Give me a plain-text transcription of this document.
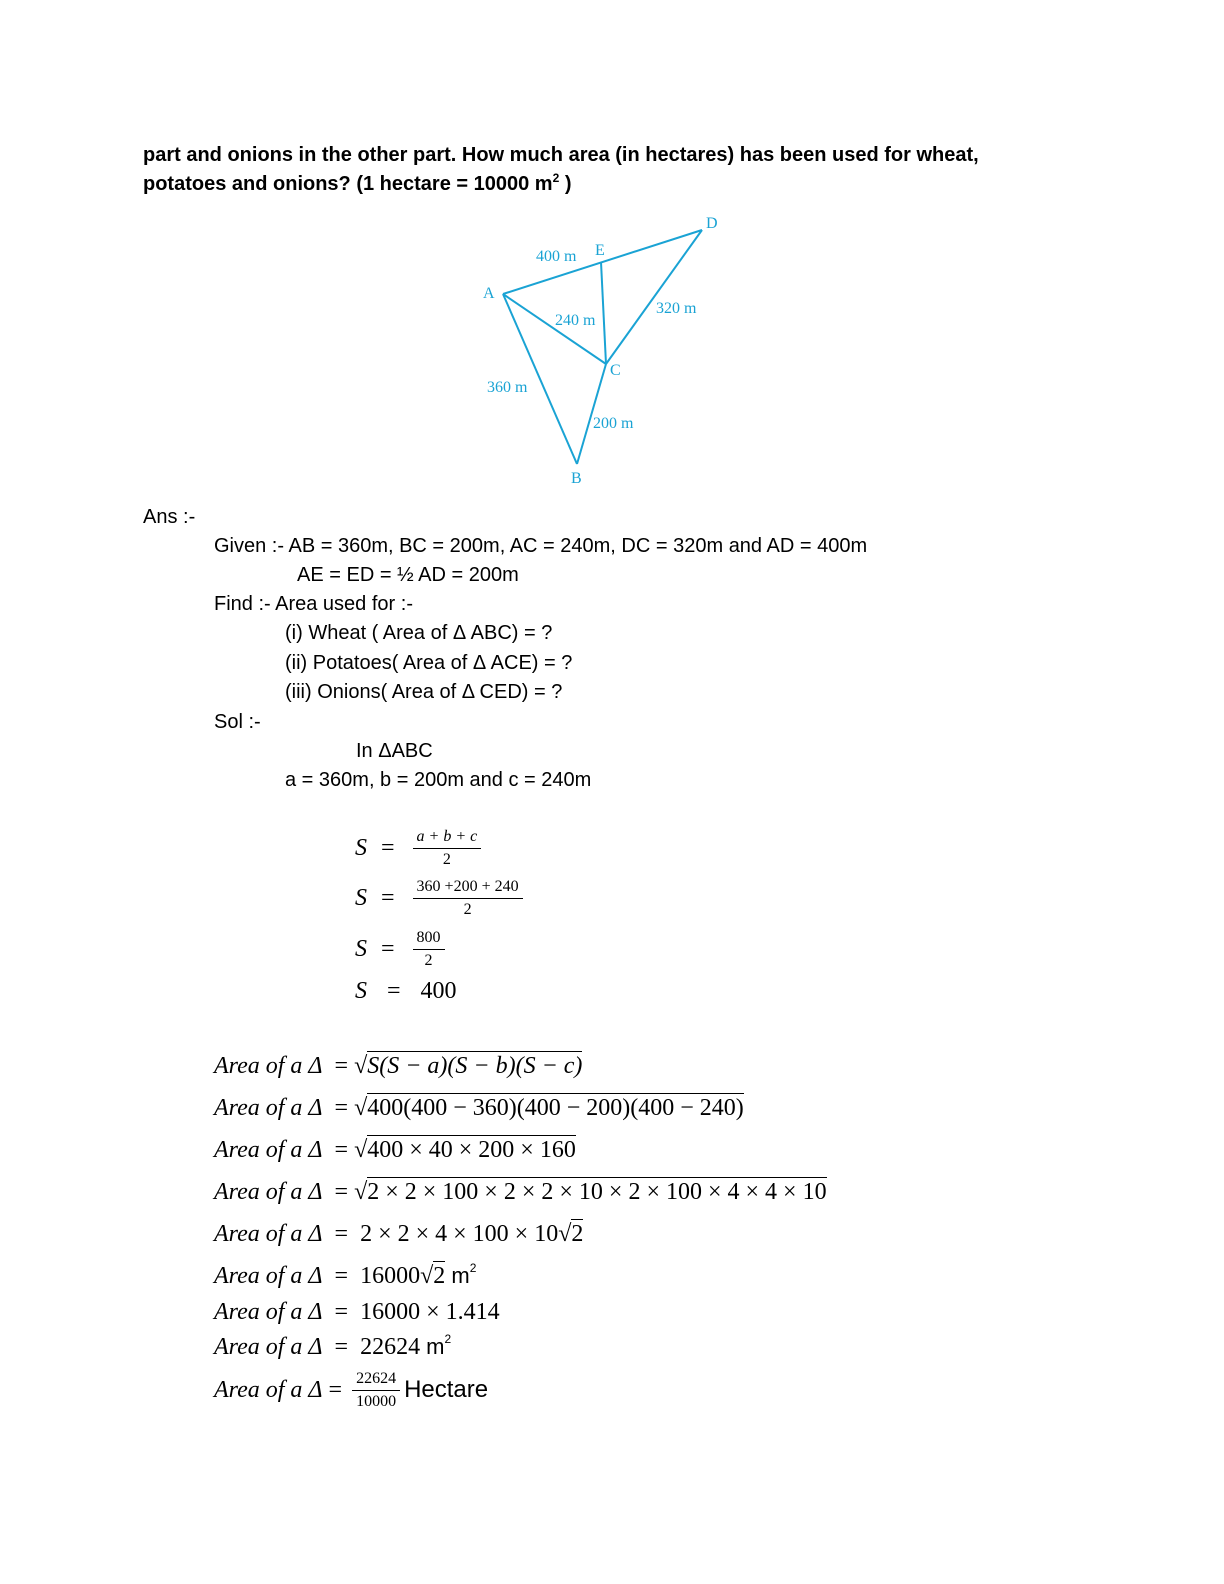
part and onions in the other part. How much area (in hectares) has been used for wheat,
potatoes and onions? (1 hectare = 10000 $m^2$ )
A
B
C
D
E
400 m
240 m
320 m
360 m
200 m
Ans :-
Given :- AB = 360m, BC = 200m, AC = 240m, DC = 320m and AD = 400m
AE = ED = ½ AD = 200m
Find :- Area used for :-
(i) Wheat ( Area of Δ ABC) = ?
(ii) Potatoes( Area of Δ ACE) = ?
(iii) Onions( Area of Δ CED) = ?
Sol :-
In ΔABC
a = 360m, b = 200m and c = 240m
$S = \frac{a + b + c}{2}$
$S = \frac{360 +200 + 240}{2}$
$S = \frac{800}{2}$
S = 400
Area of a Δ = √S(S − a)(S − b)(S − c)
Area of a Δ = √400(400 − 360)(400 − 200)(400 − 240)
Area of a Δ = √400 × 40 × 200 × 160
Area of a Δ = √2 × 2 × 100 × 2 × 2 × 10 × 2 × 100 × 4 × 4 × 10
Area of a Δ = 2 × 2 × 4 × 100 × 10√2
Area of a Δ = 16000√2 $m^2$
Area of a Δ = 16000 × 1.414
Area of a Δ = 22624 $m^2$
Area of a $\Delta = \frac{22624}{10000}$ Hectare
